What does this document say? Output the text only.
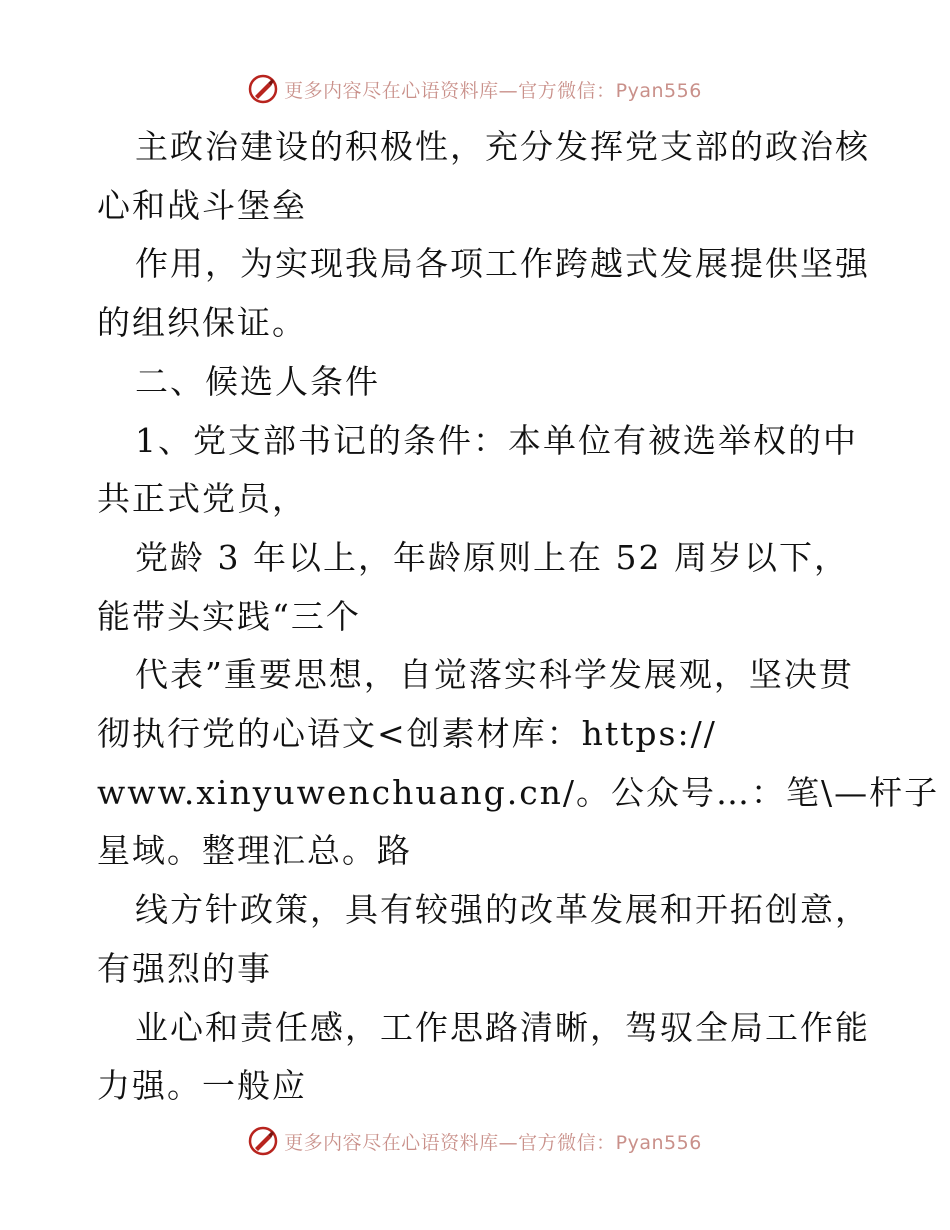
更多内容尽在心语资料库—官方微信：Pyan556

主政治建设的积极性，充分发挥党支部的政治核
心和战斗堡垒

作用，为实现我局各项工作跨越式发展提供坚强
的组织保证。

二、候选人条件

1、党支部书记的条件：本单位有被选举权的中
共正式党员，

党龄 3 年以上，年龄原则上在 52 周岁以下，
能带头实践“三个

代表”重要思想，自觉落实科学发展观，坚决贯
彻执行党的心语文<创素材库：https://
www.xinyuwenchuang.cn/。公众号…：笔\—杆子
星域。整理汇总。路

线方针政策，具有较强的改革发展和开拓创意，
有强烈的事

业心和责任感，工作思路清晰，驾驭全局工作能
力强。一般应

更多内容尽在心语资料库—官方微信：Pyan556
